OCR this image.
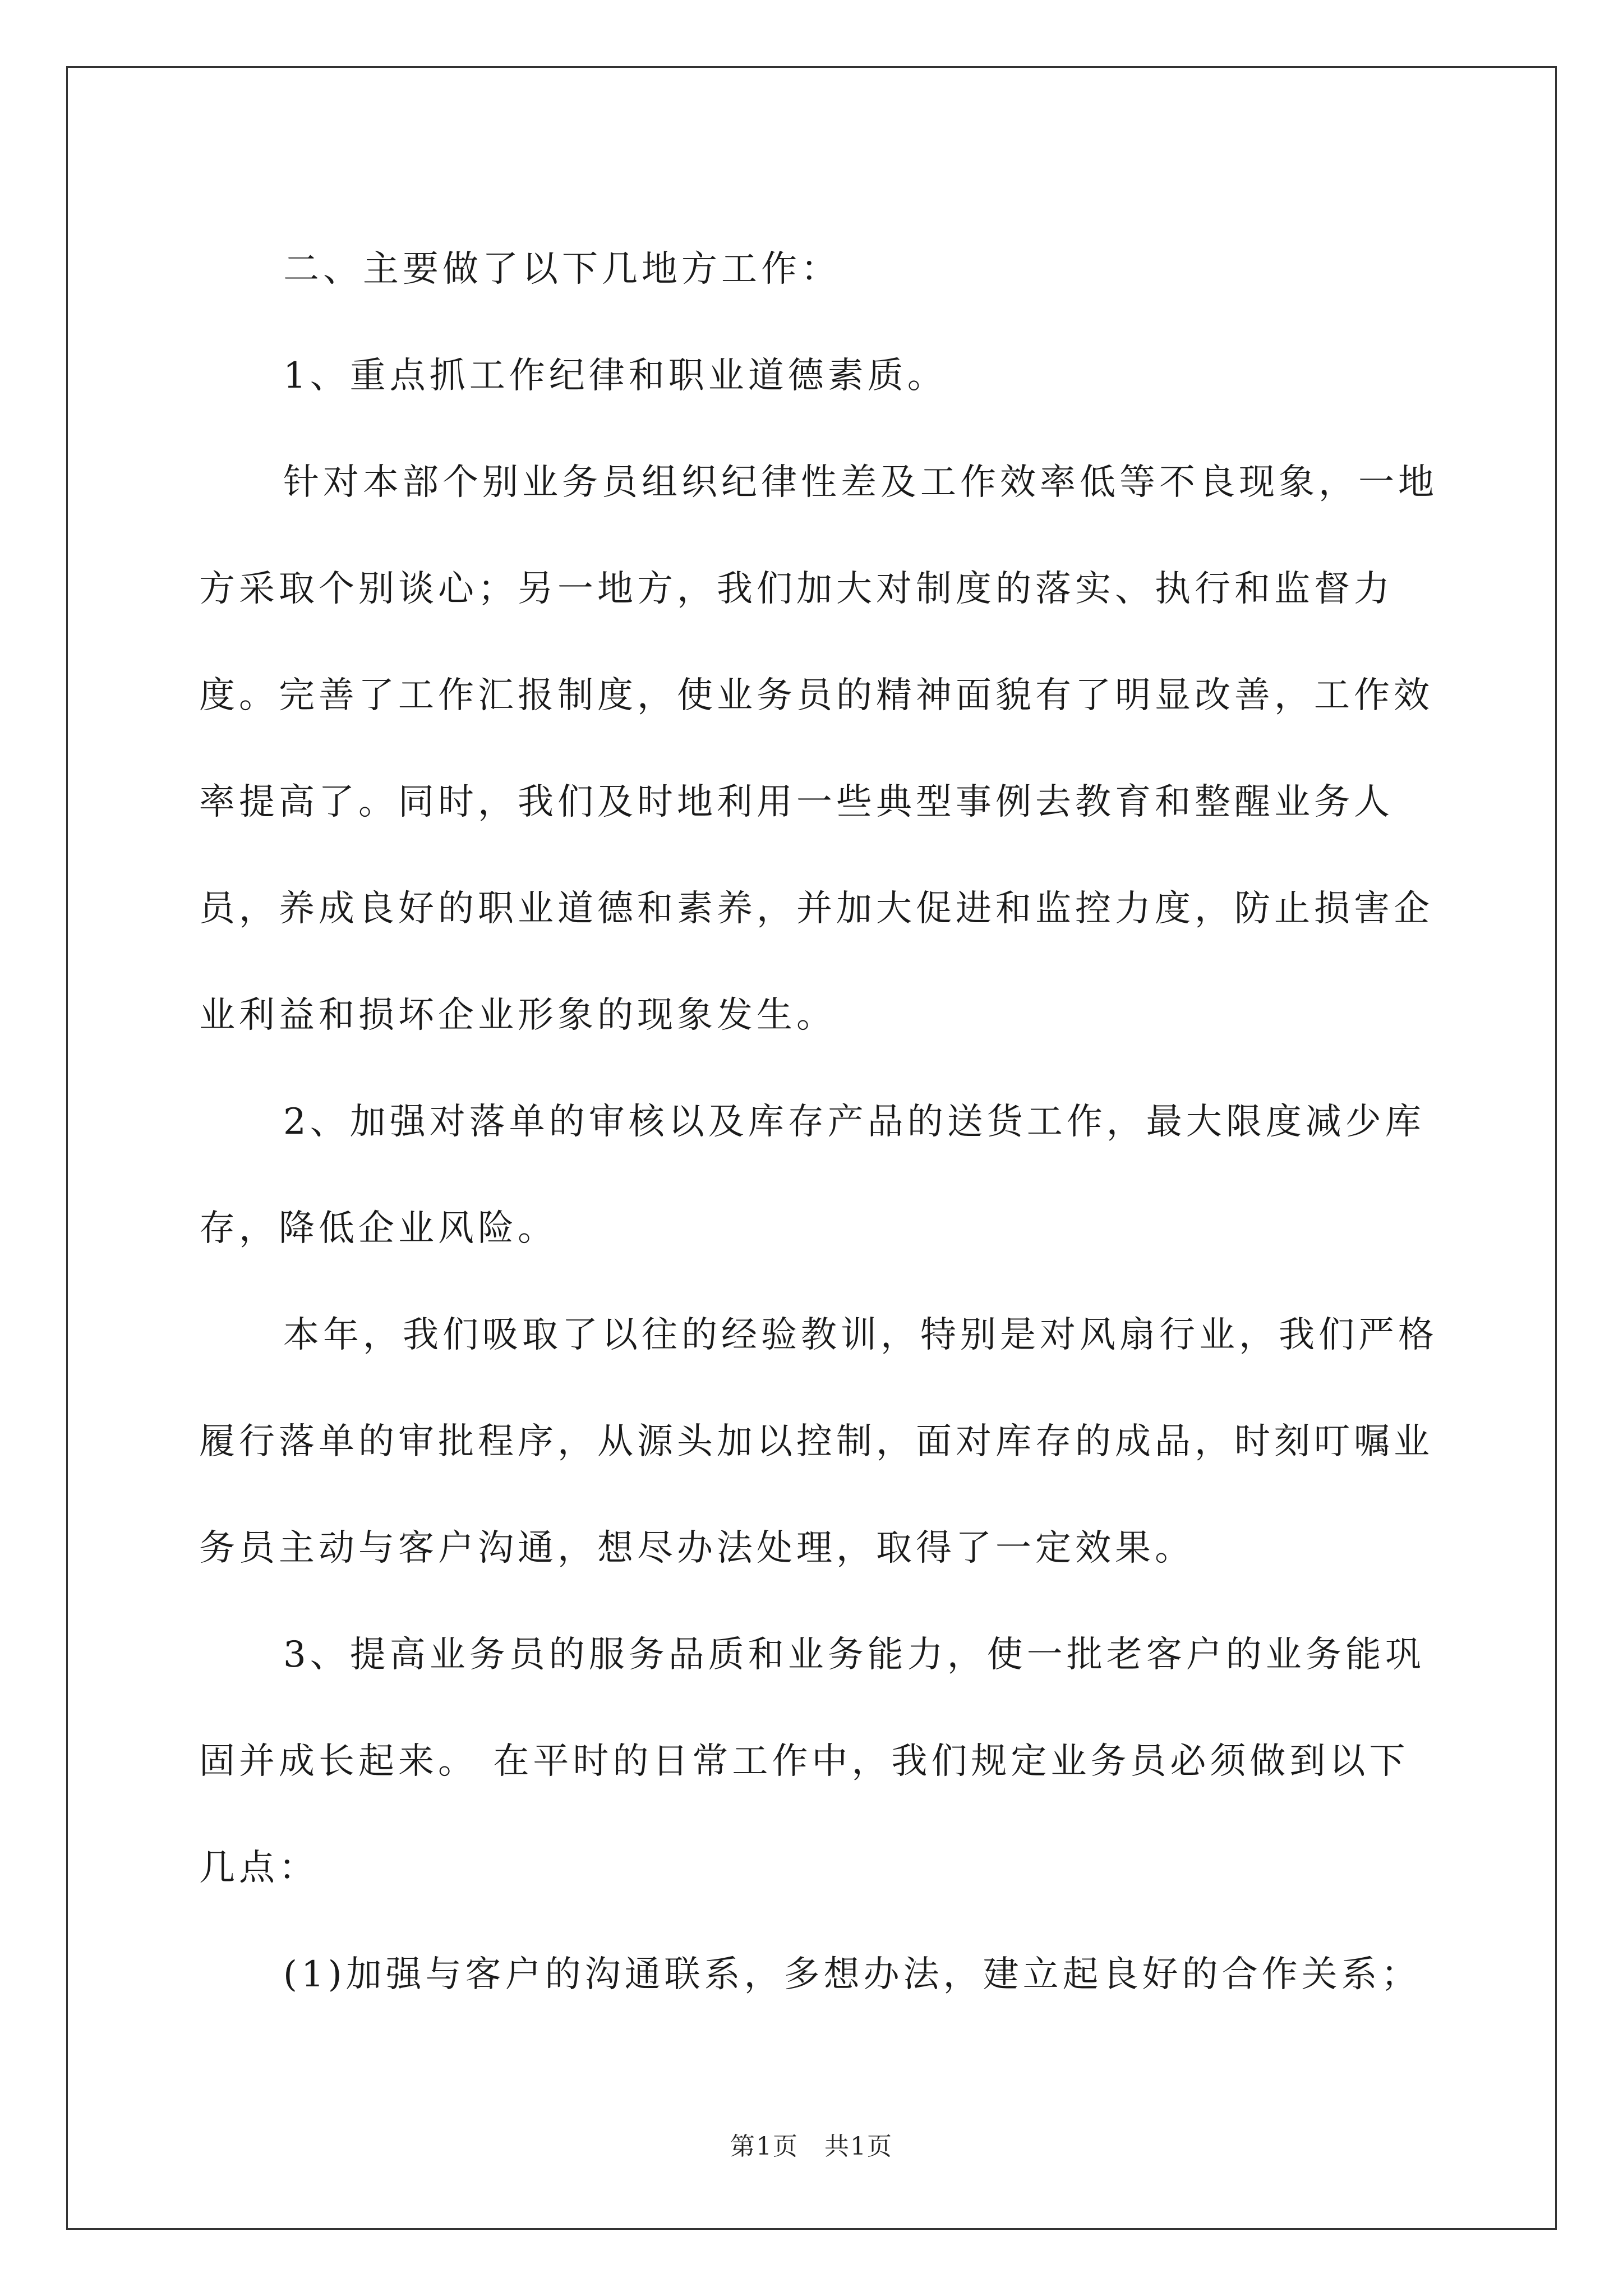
二、主要做了以下几地方工作：

1、重点抓工作纪律和职业道德素质。

针对本部个别业务员组织纪律性差及工作效率低等不良现象，一地方采取个别谈心；另一地方，我们加大对制度的落实、执行和监督力度。完善了工作汇报制度，使业务员的精神面貌有了明显改善，工作效率提高了。同时，我们及时地利用一些典型事例去教育和整醒业务人员，养成良好的职业道德和素养，并加大促进和监控力度，防止损害企业利益和损坏企业形象的现象发生。

2、加强对落单的审核以及库存产品的送货工作，最大限度减少库存，降低企业风险。

本年，我们吸取了以往的经验教训，特别是对风扇行业，我们严格履行落单的审批程序，从源头加以控制，面对库存的成品，时刻叮嘱业务员主动与客户沟通，想尽办法处理，取得了一定效果。

3、提高业务员的服务品质和业务能力，使一批老客户的业务能巩固并成长起来。 在平时的日常工作中，我们规定业务员必须做到以下几点：

(1)加强与客户的沟通联系，多想办法，建立起良好的合作关系；

第1页　共1页
